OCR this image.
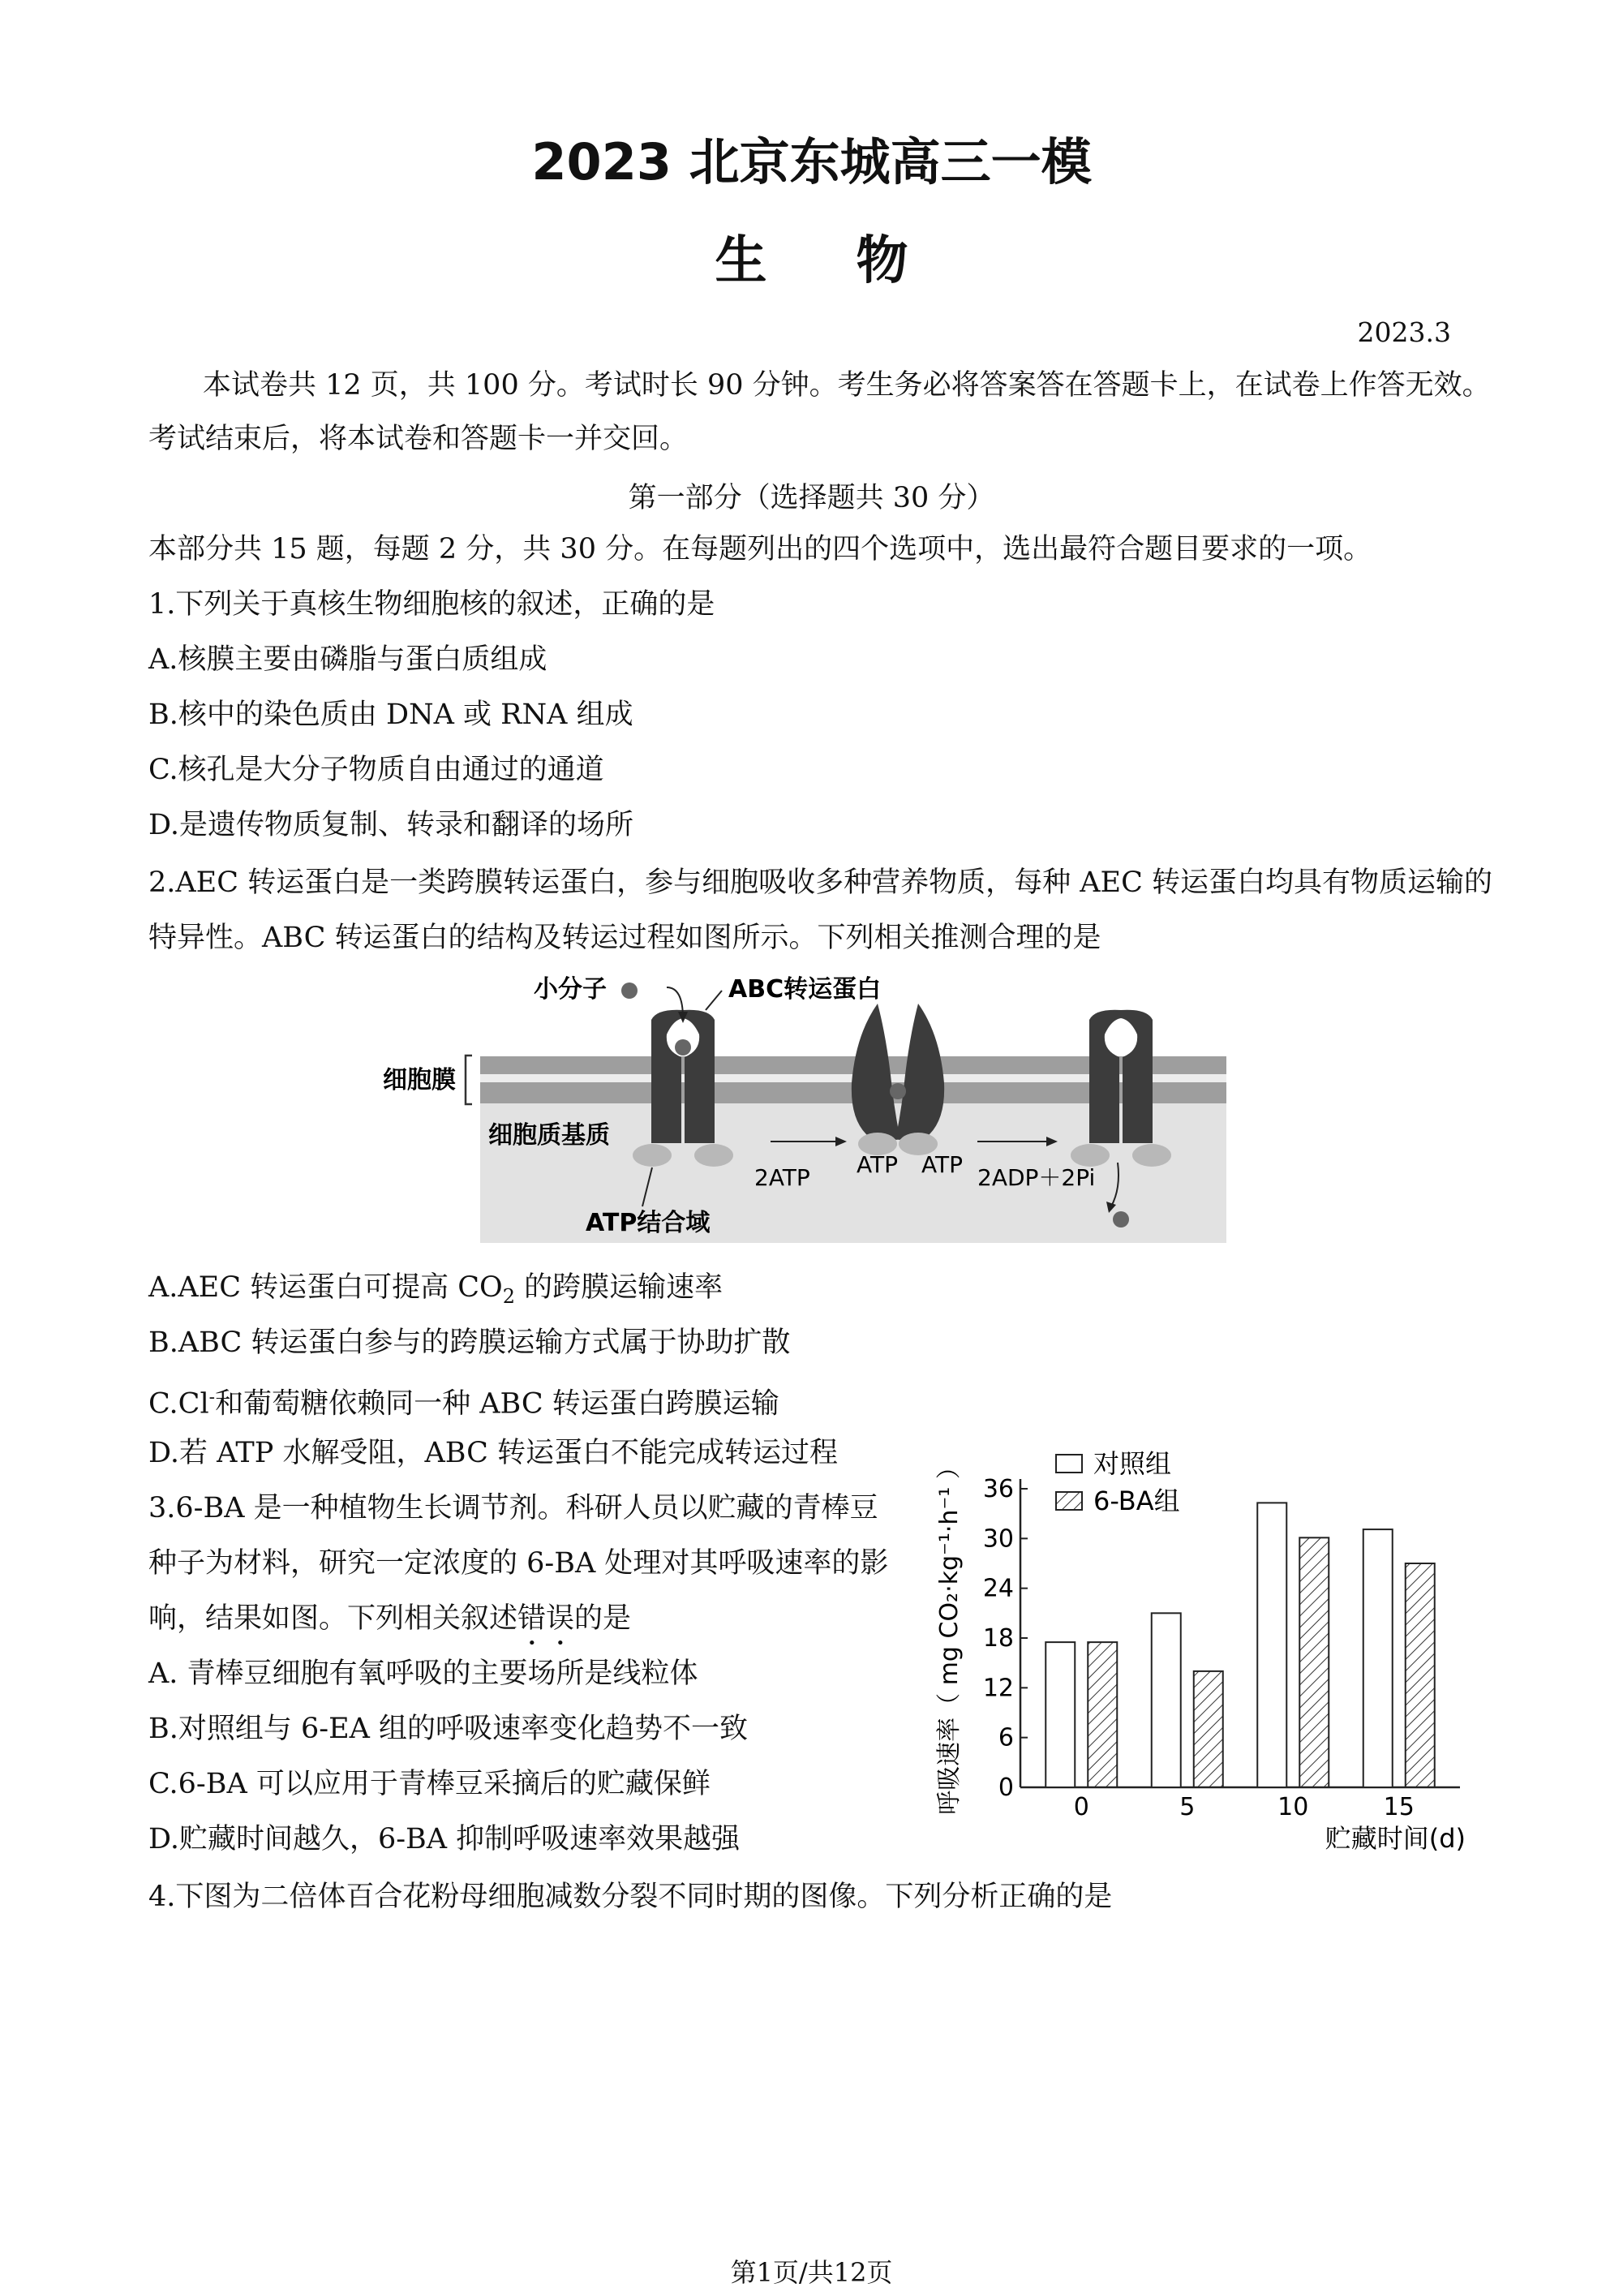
2023 北京东城高三一模
生物
2023.3
本试卷共 12 页，共 100 分。考试时长 90 分钟。考生务必将答案答在答题卡上，在试卷上作答无效。
考试结束后，将本试卷和答题卡一并交回。
第一部分（选择题共 30 分）
本部分共 15 题，每题 2 分，共 30 分。在每题列出的四个选项中，选出最符合题目要求的一项。
1.下列关于真核生物细胞核的叙述，正确的是
A.核膜主要由磷脂与蛋白质组成
B.核中的染色质由 DNA 或 RNA 组成
C.核孔是大分子物质自由通过的通道
D.是遗传物质复制、转录和翻译的场所
2.AEC 转运蛋白是一类跨膜转运蛋白，参与细胞吸收多种营养物质，每种 AEC 转运蛋白均具有物质运输的
特异性。ABC 转运蛋白的结构及转运过程如图所示。下列相关推测合理的是
小分子	ABC转运蛋白
细胞膜
细胞质基质
2ATP ATP ATP 2ADP＋2Pi
ATP结合域
A.AEC 转运蛋白可提高 $CO_2$ 的跨膜运输速率
B.ABC 转运蛋白参与的跨膜运输方式属于协助扩散
C.Cl-和葡萄糖依赖同一种 ABC 转运蛋白跨膜运输
D.若 ATP 水解受阻，ABC 转运蛋白不能完成转运过程
3.6-BA 是一种植物生长调节剂。科研人员以贮藏的青棒豆
种子为材料，研究一定浓度的 6-BA 处理对其呼吸速率的影
响，结果如图。下列相关叙述错误的是
A. 青棒豆细胞有氧呼吸的主要场所是线粒体
B.对照组与 6-EA 组的呼吸速率变化趋势不一致
C.6-BA 可以应用于青棒豆采摘后的贮藏保鲜
D.贮藏时间越久，6-BA 抑制呼吸速率效果越强
0
6
12
18
24
30
36
0	5	10	15
对照组
6-BA组
呼吸速率（ mg CO₂·kg⁻¹·h⁻¹ ）
贮藏时间(d)
4.下图为二倍体百合花粉母细胞减数分裂不同时期的图像。下列分析正确的是
第1页/共12页
